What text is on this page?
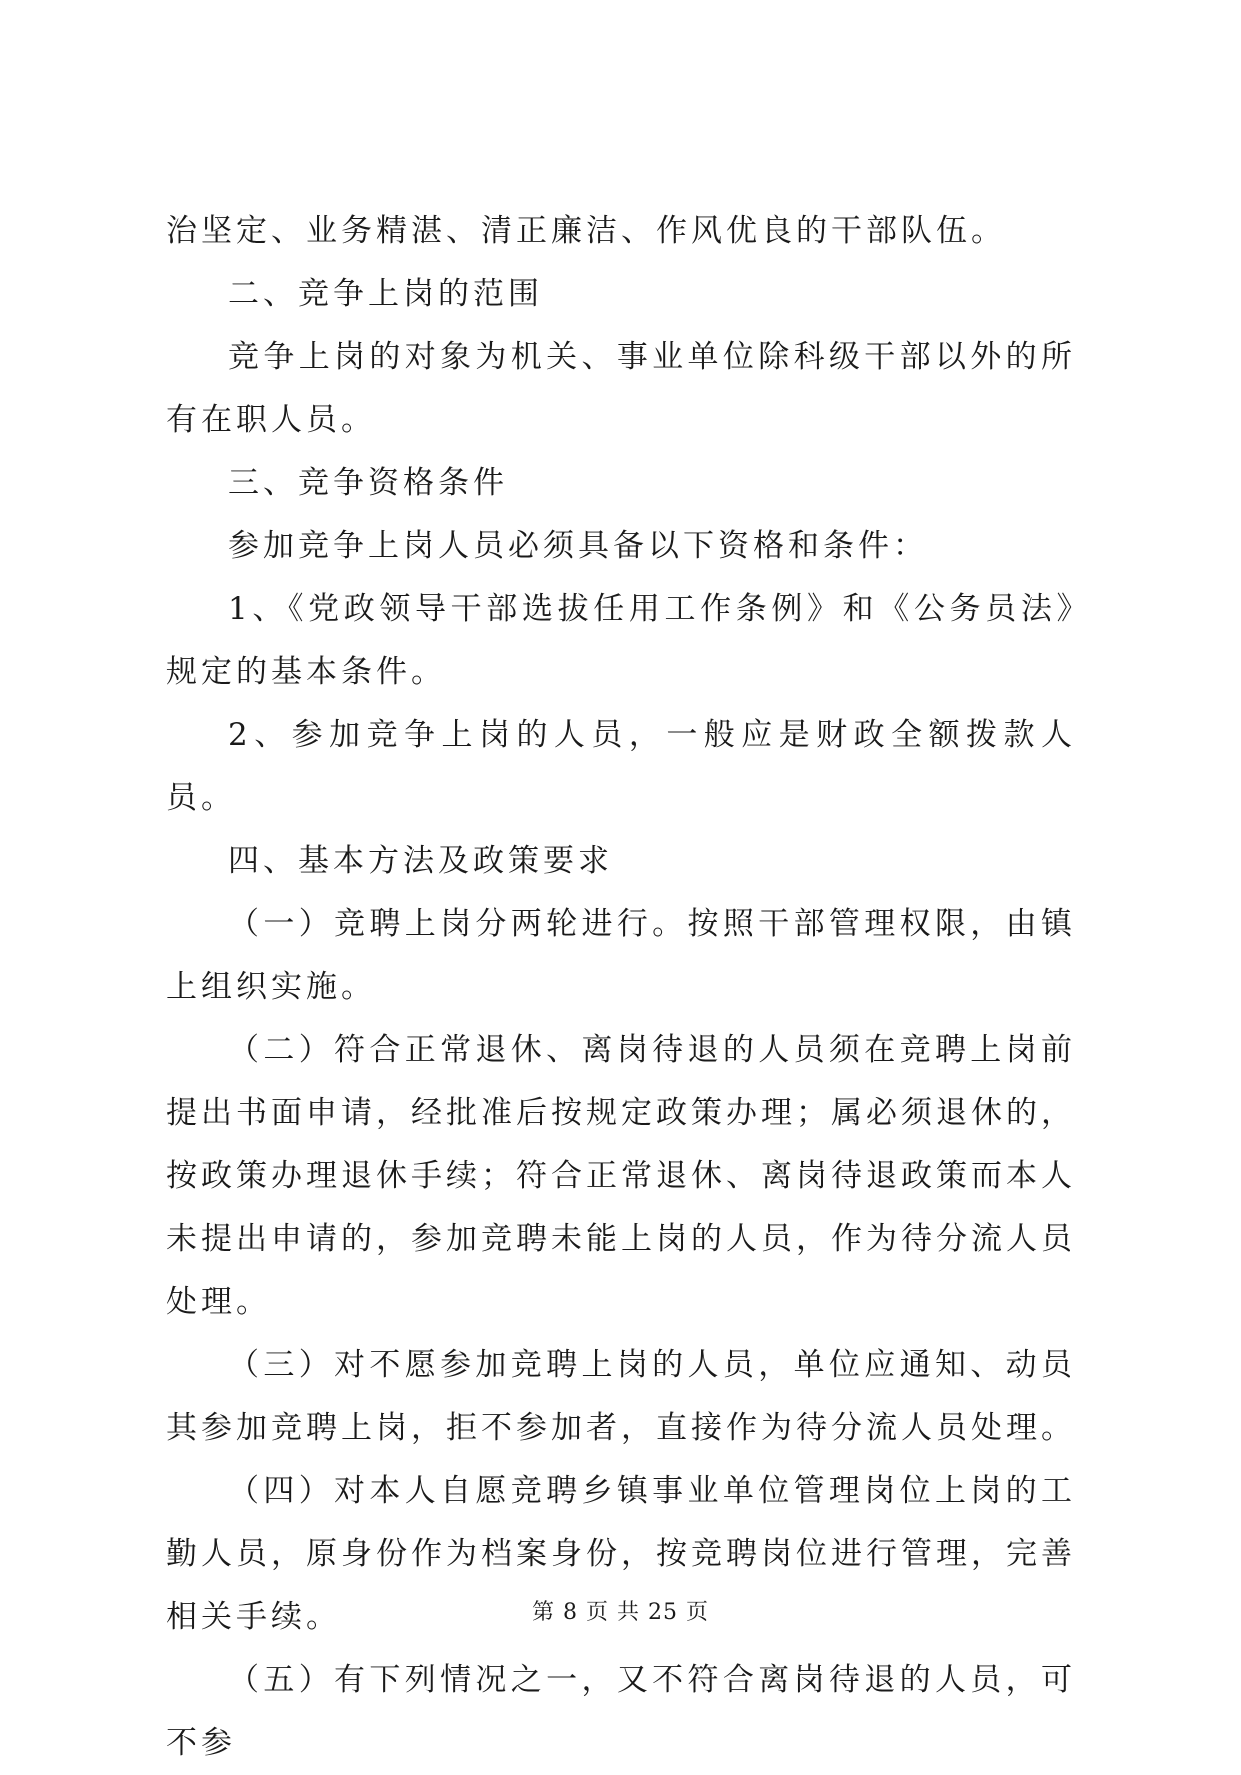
治坚定、业务精湛、清正廉洁、作风优良的干部队伍。

二、竞争上岗的范围

竞争上岗的对象为机关、事业单位除科级干部以外的所有在职人员。

三、竞争资格条件

参加竞争上岗人员必须具备以下资格和条件：

1、《党政领导干部选拔任用工作条例》和《公务员法》规定的基本条件。

2、参加竞争上岗的人员，一般应是财政全额拨款人员。

四、基本方法及政策要求

（一）竞聘上岗分两轮进行。按照干部管理权限，由镇上组织实施。

（二）符合正常退休、离岗待退的人员须在竞聘上岗前提出书面申请，经批准后按规定政策办理；属必须退休的，按政策办理退休手续；符合正常退休、离岗待退政策而本人未提出申请的，参加竞聘未能上岗的人员，作为待分流人员处理。

（三）对不愿参加竞聘上岗的人员，单位应通知、动员其参加竞聘上岗，拒不参加者，直接作为待分流人员处理。

（四）对本人自愿竞聘乡镇事业单位管理岗位上岗的工勤人员，原身份作为档案身份，按竞聘岗位进行管理，完善相关手续。

（五）有下列情况之一，又不符合离岗待退的人员，可不参

第 8 页 共 25 页
